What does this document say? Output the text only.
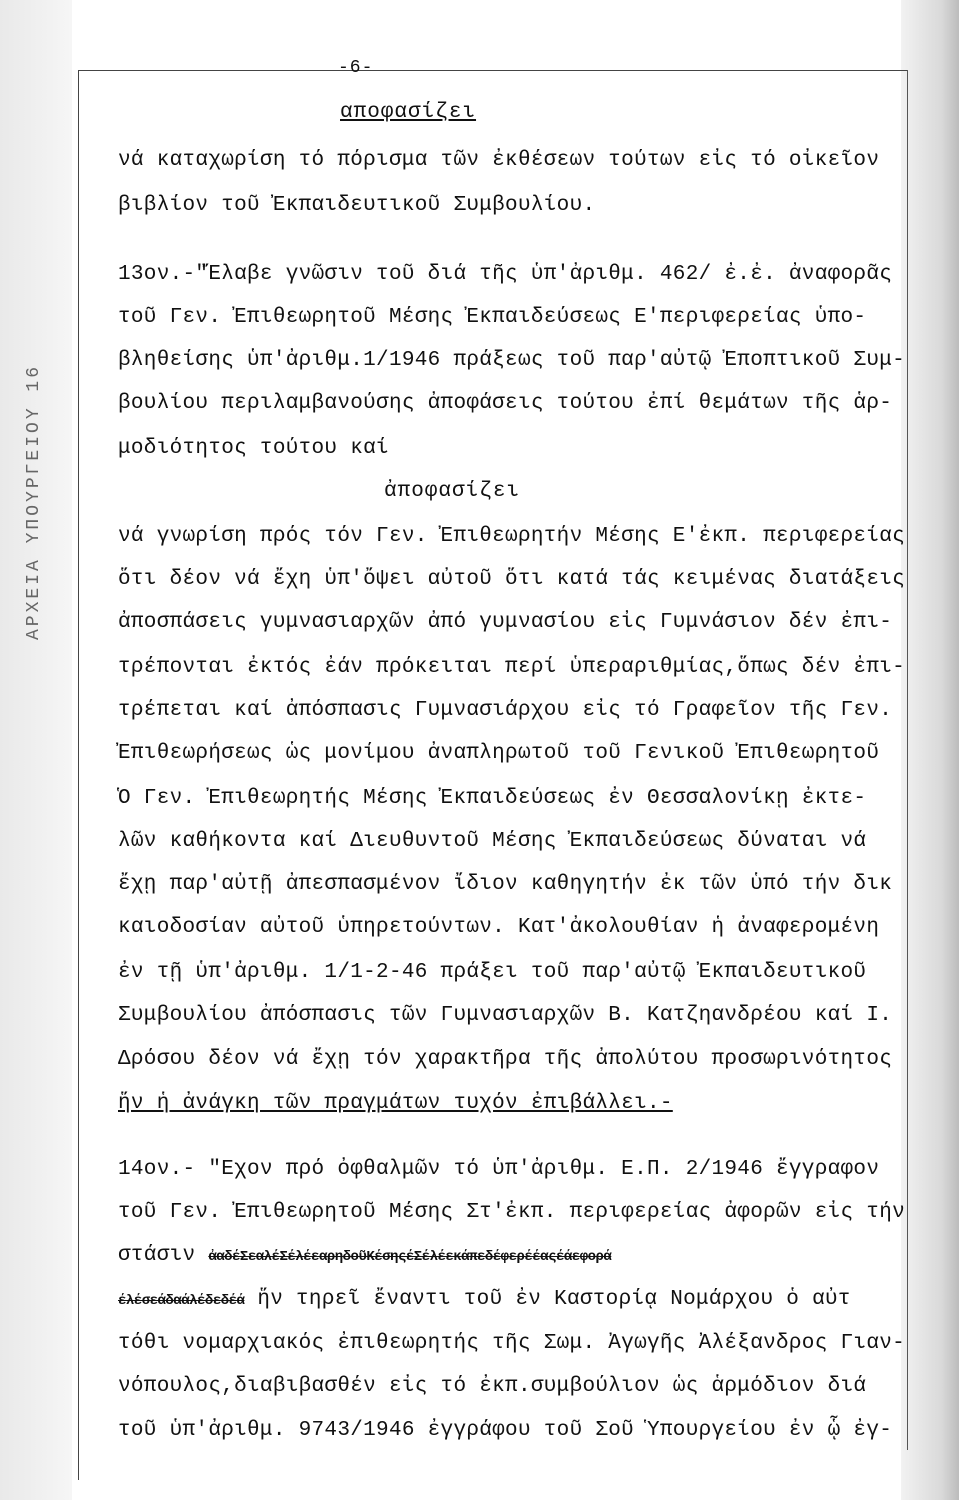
ΑΡΧΕΙΑ ΥΠΟΥΡΓΕΙΟΥ 16
-6-
αποφασίζει
νά καταχωρίση τό πόρισμα τῶν ἐκθέσεων τούτων εἰς τό οἰκεῖον
βιβλίον τοῦ Ἐκπαιδευτικοῦ Συμβουλίου.
13ον.-"Ἔλαβε γνῶσιν τοῦ διά τῆς ὑπ'ἀριθμ. 462/ ἐ.ἐ. ἀναφορᾶς
τοῦ Γεν. Ἐπιθεωρητοῦ Μέσης Ἐκπαιδεύσεως Ε'περιφερείας ὑπο-
βληθείσης ὑπ'ἀριθμ.1/1946 πράξεως τοῦ παρ'αὐτῷ Ἐποπτικοῦ Συμ-
βουλίου περιλαμβανούσης ἀποφάσεις τούτου ἐπί θεμάτων τῆς ἁρ-
μοδιότητος τούτου καί
ἀποφασίζει
νά γνωρίση πρός τόν Γεν. Ἐπιθεωρητήν Μέσης Ε'ἐκπ. περιφερείας
ὅτι δέον νά ἔχη ὑπ'ὄψει αὐτοῦ ὅτι κατά τάς κειμένας διατάξεις
ἀποσπάσεις γυμνασιαρχῶν ἀπό γυμνασίου εἰς Γυμνάσιον δέν ἐπι-
τρέπονται ἐκτός ἐάν πρόκειται περί ὑπεραριθμίας,ὅπως δέν ἐπι-
τρέπεται καί ἀπόσπασις Γυμνασιάρχου εἰς τό Γραφεῖον τῆς Γεν.
Ἐπιθεωρήσεως ὡς μονίμου ἀναπληρωτοῦ τοῦ Γενικοῦ Ἐπιθεωρητοῦ
Ὁ Γεν. Ἐπιθεωρητής Μέσης Ἐκπαιδεύσεως ἐν Θεσσαλονίκῃ ἐκτε-
λῶν καθήκοντα καί Διευθυντοῦ Μέσης Ἐκπαιδεύσεως δύναται νά
ἔχῃ παρ'αὐτῇ ἀπεσπασμένον ἴδιον καθηγητήν ἐκ τῶν ὑπό τήν δικ
καιοδοσίαν αὐτοῦ ὑπηρετούντων. Κατ'ἀκολουθίαν ἡ ἀναφερομένη
ἐν τῇ ὑπ'ἀριθμ. 1/1-2-46 πράξει τοῦ παρ'αὐτῷ Ἐκπαιδευτικοῦ
Συμβουλίου ἀπόσπασις τῶν Γυμνασιαρχῶν Β. Κατζηανδρέου καί Ι.
Δρόσου δέον νά ἔχῃ τόν χαρακτῆρα τῆς ἀπολύτου προσωρινότητος
ἥν ἡ ἀνάγκη τῶν πραγμάτων τυχόν ἐπιβάλλει.-
14ον.- "Εχον πρό ὀφθαλμῶν τό ὑπ'ἀριθμ. Ε.Π. 2/1946 ἔγγραφον
τοῦ Γεν. Ἐπιθεωρητοῦ Μέσης Στ'ἐκπ. περιφερείας ἀφορῶν εἰς τήν
στάσιν ἀαδέΣεαλέΣέλέεαρηδοῦΚέσηςέΣέλέεκάπεδέφερέέαςέάεφορά
έλέσεάδαάλέδεδέά ἥν τηρεῖ ἔναντι τοῦ ἐν Καστορίᾳ Νομάρχου ὁ αὐτ
τόθι νομαρχιακός ἐπιθεωρητής τῆς Σωμ. Ἀγωγῆς Ἀλέξανδρος Γιαν-
νόπουλος,διαβιβασθέν εἰς τό ἐκπ.συμβούλιον ὡς ἁρμόδιον διά
τοῦ ὑπ'ἀριθμ. 9743/1946 ἐγγράφου τοῦ Σοῦ Ὑπουργείου ἐν ᾧ ἐγ-
